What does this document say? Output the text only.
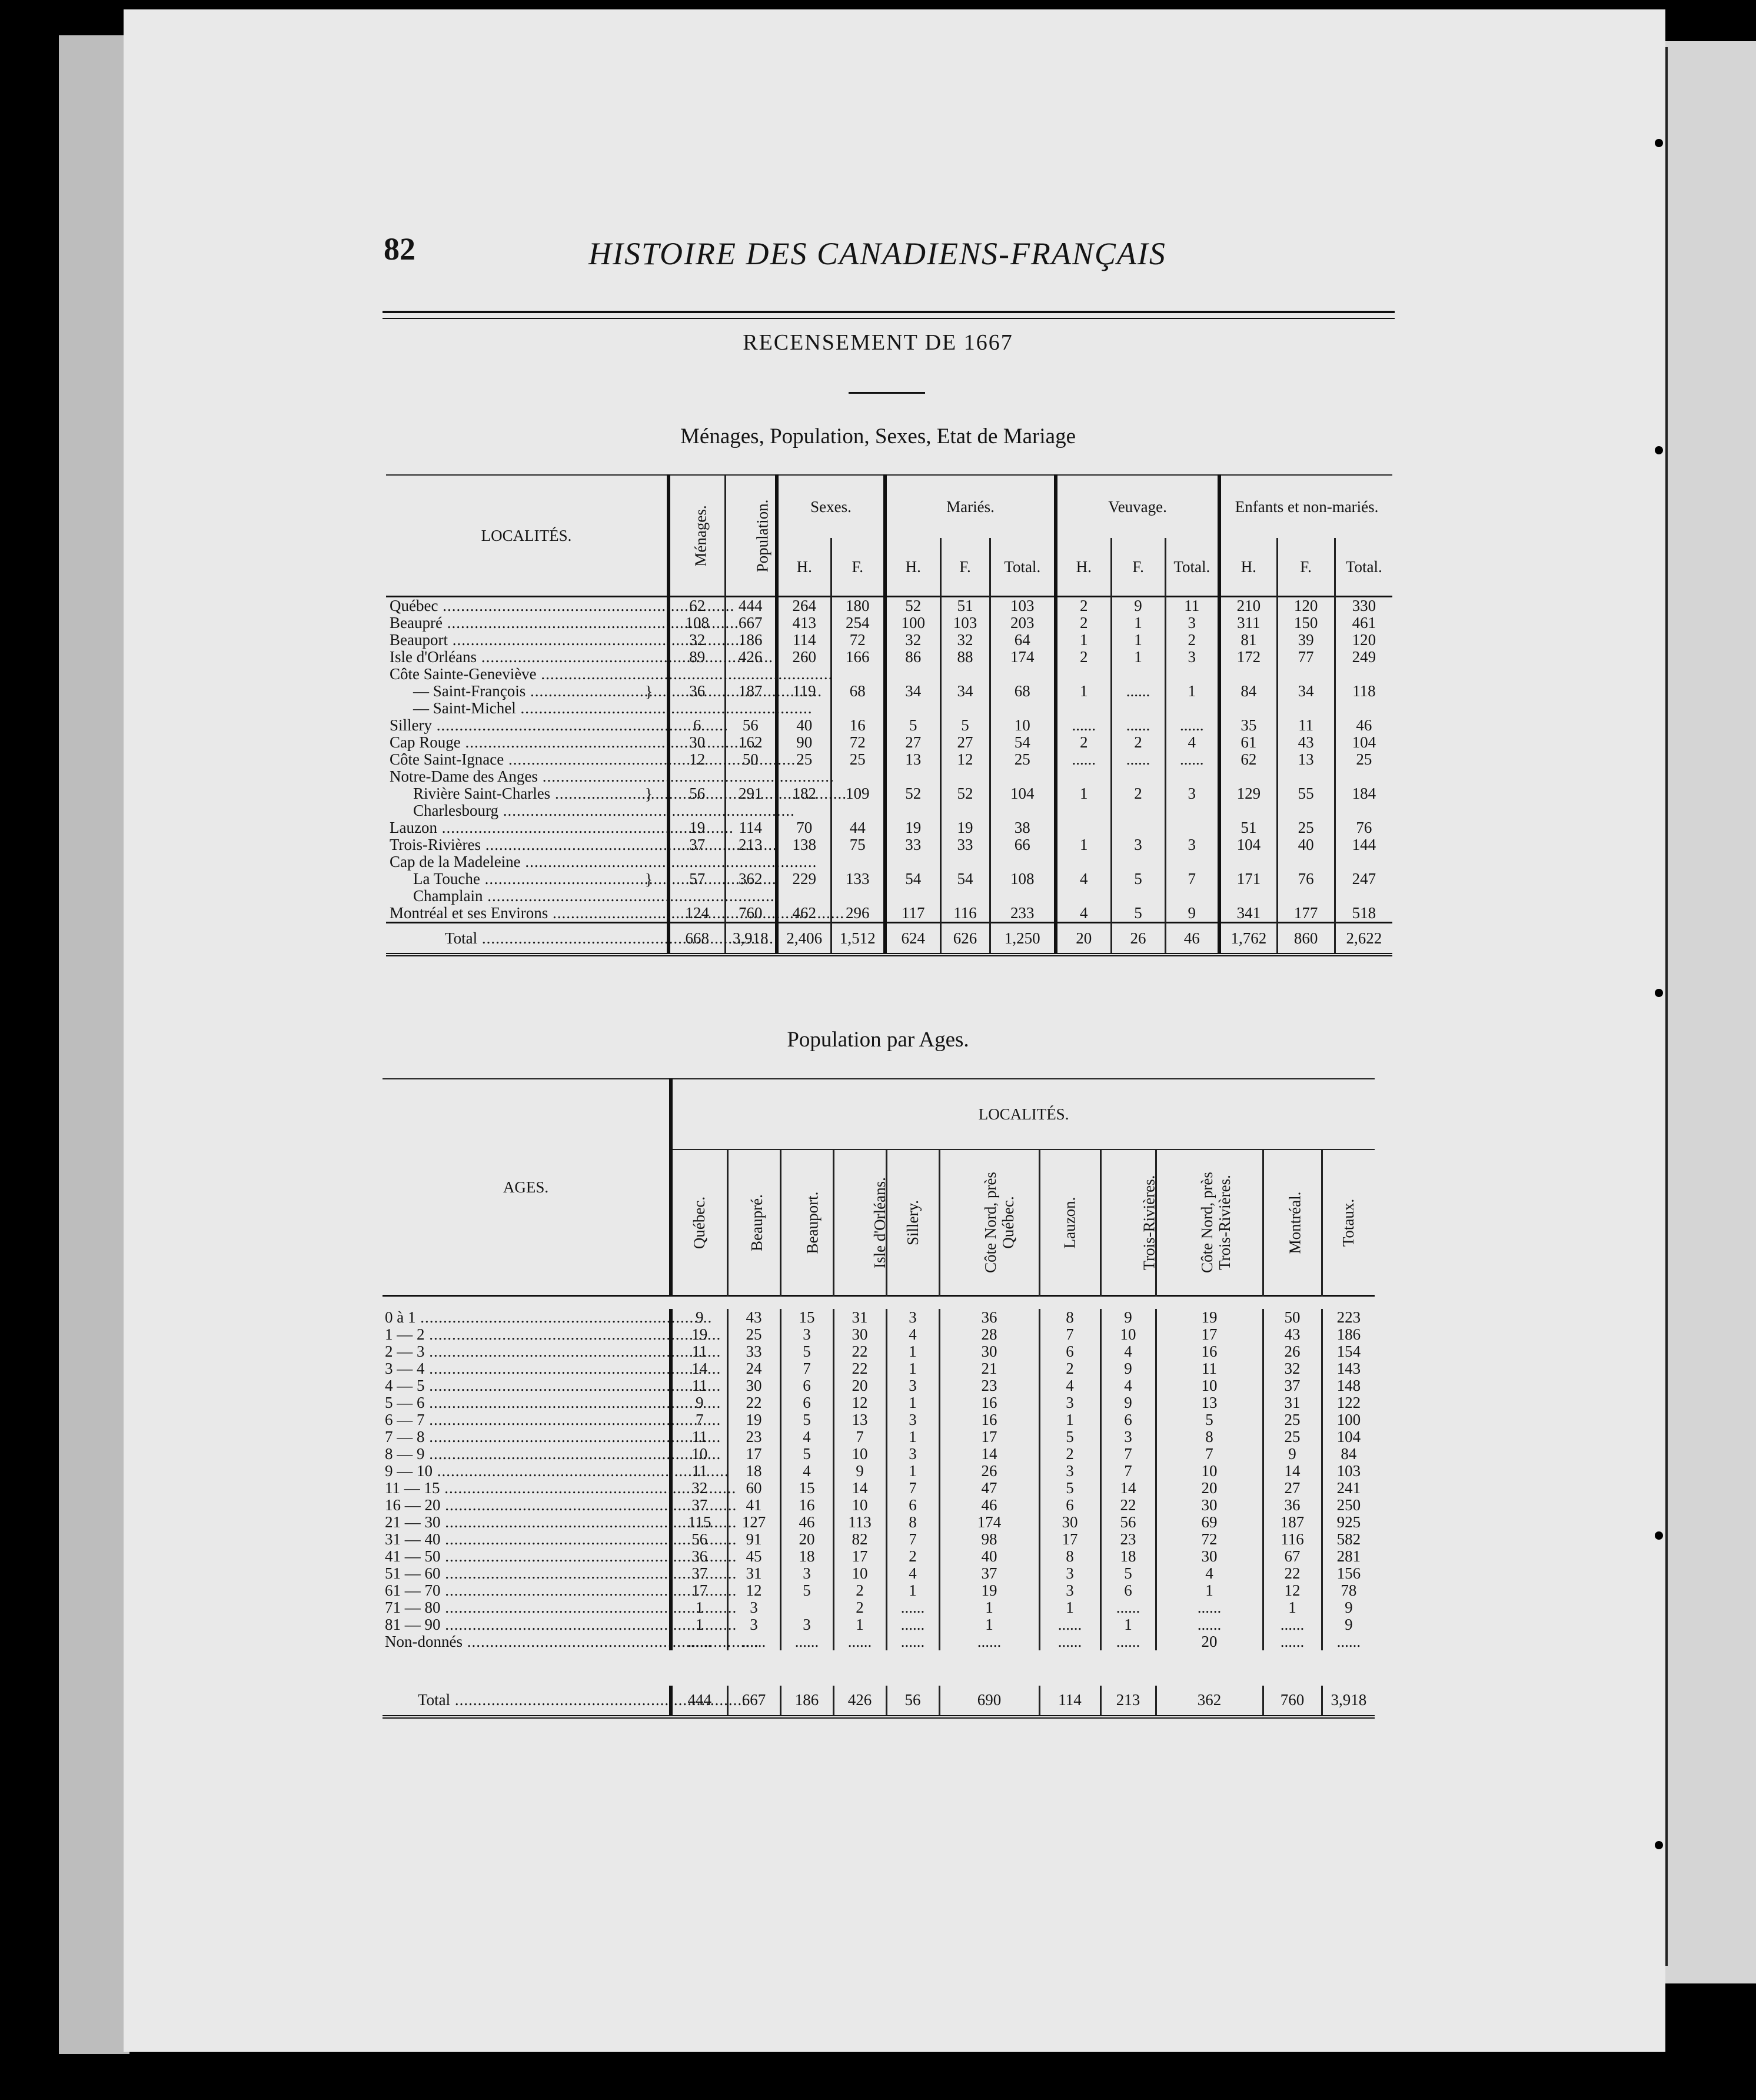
82	HISTOIRE DES CANADIENS-FRANÇAIS
RECENSEMENT DE 1667
Ménages, Population, Sexes, Etat de Mariage
LOCALITÉS.		Ménages.	Population.	Sexes.		Mariés.			Veuvage.			Enfants et non-mariés.		
				H.	F.	H.	F.	Total.	H.	F.	Total.	H.	F.	Total.

Québec .....		62	444	264	180	52	51	103	2	9	11	210	120	330

Beaupré .....		108	667	413	254	100	103	203	2	1	3	311	150	461

Beauport .....		32	186	114	72	32	32	64	1	1	2	81	39	120

Isle d'Orléans .....		89	426	260	166	86	88	174	2	1	3	172	77	249

Côte Sainte-Geneviève .....
— Saint-François .....
— Saint-Michel .....	}	36	187	119	68	34	34	68	1	......	1	84	34	118

Sillery .....		6	56	40	16	5	5	10	......	......	......	35	11	46

Cap Rouge .....		30	162	90	72	27	27	54	2	2	4	61	43	104

Côte Saint-Ignace .....		12	50	25	25	13	12	25	......	......	......	62	13	25

Notre-Dame des Anges .....
Rivière Saint-Charles .....
Charlesbourg .....	}	56	291	182	109	52	52	104	1	2	3	129	55	184

Lauzon .....		19	114	70	44	19	19	38				51	25	76

Trois-Rivières .....		37	213	138	75	33	33	66	1	3	3	104	40	144

Cap de la Madeleine .....
La Touche .....
Champlain .....	}	57	362	229	133	54	54	108	4	5	7	171	76	247

Montréal et ses Environs .....		124	760	462	296	117	116	233	4	5	9	341	177	518
Total .....		668	3,918	2,406	1,512	624	626	1,250	20	26	46	1,762	860	2,622
Population par Ages.
AGES.		LOCALITÉS.										
		Québec.	Beaupré.	Beauport.	Isle d'Orléans.	Sillery.	Côte Nord, près Québec.	Lauzon.	Trois-Rivières.	Côte Nord, près Trois-Rivières.	Montréal.	Totaux.

0 à 1 .....		9	43	15	31	3	36	8	9	19	50	223
1 — 2 .....		19	25	3	30	4	28	7	10	17	43	186
2 — 3 .....		11	33	5	22	1	30	6	4	16	26	154
3 — 4 .....		14	24	7	22	1	21	2	9	11	32	143
4 — 5 .....		11	30	6	20	3	23	4	4	10	37	148
5 — 6 .....		9	22	6	12	1	16	3	9	13	31	122
6 — 7 .....		7	19	5	13	3	16	1	6	5	25	100
7 — 8 .....		11	23	4	7	1	17	5	3	8	25	104
8 — 9 .....		10	17	5	10	3	14	2	7	7	9	84
9 — 10 .....		11	18	4	9	1	26	3	7	10	14	103
11 — 15 .....		32	60	15	14	7	47	5	14	20	27	241
16 — 20 .....		37	41	16	10	6	46	6	22	30	36	250
21 — 30 .....		115	127	46	113	8	174	30	56	69	187	925
31 — 40 .....		56	91	20	82	7	98	17	23	72	116	582
41 — 50 .....		36	45	18	17	2	40	8	18	30	67	281
51 — 60 .....		37	31	3	10	4	37	3	5	4	22	156
61 — 70 .....		17	12	5	2	1	19	3	6	1	12	78
71 — 80 .....		1	3		2	......	1	1	......	......	1	9
81 — 90 .....		1	3	3	1	......	1	......	1	......	......	9
Non-donnés .....		......	......	......	......	......	......	......	......	20	......	......

Total .....		444	667	186	426	56	690	114	213	362	760	3,918
